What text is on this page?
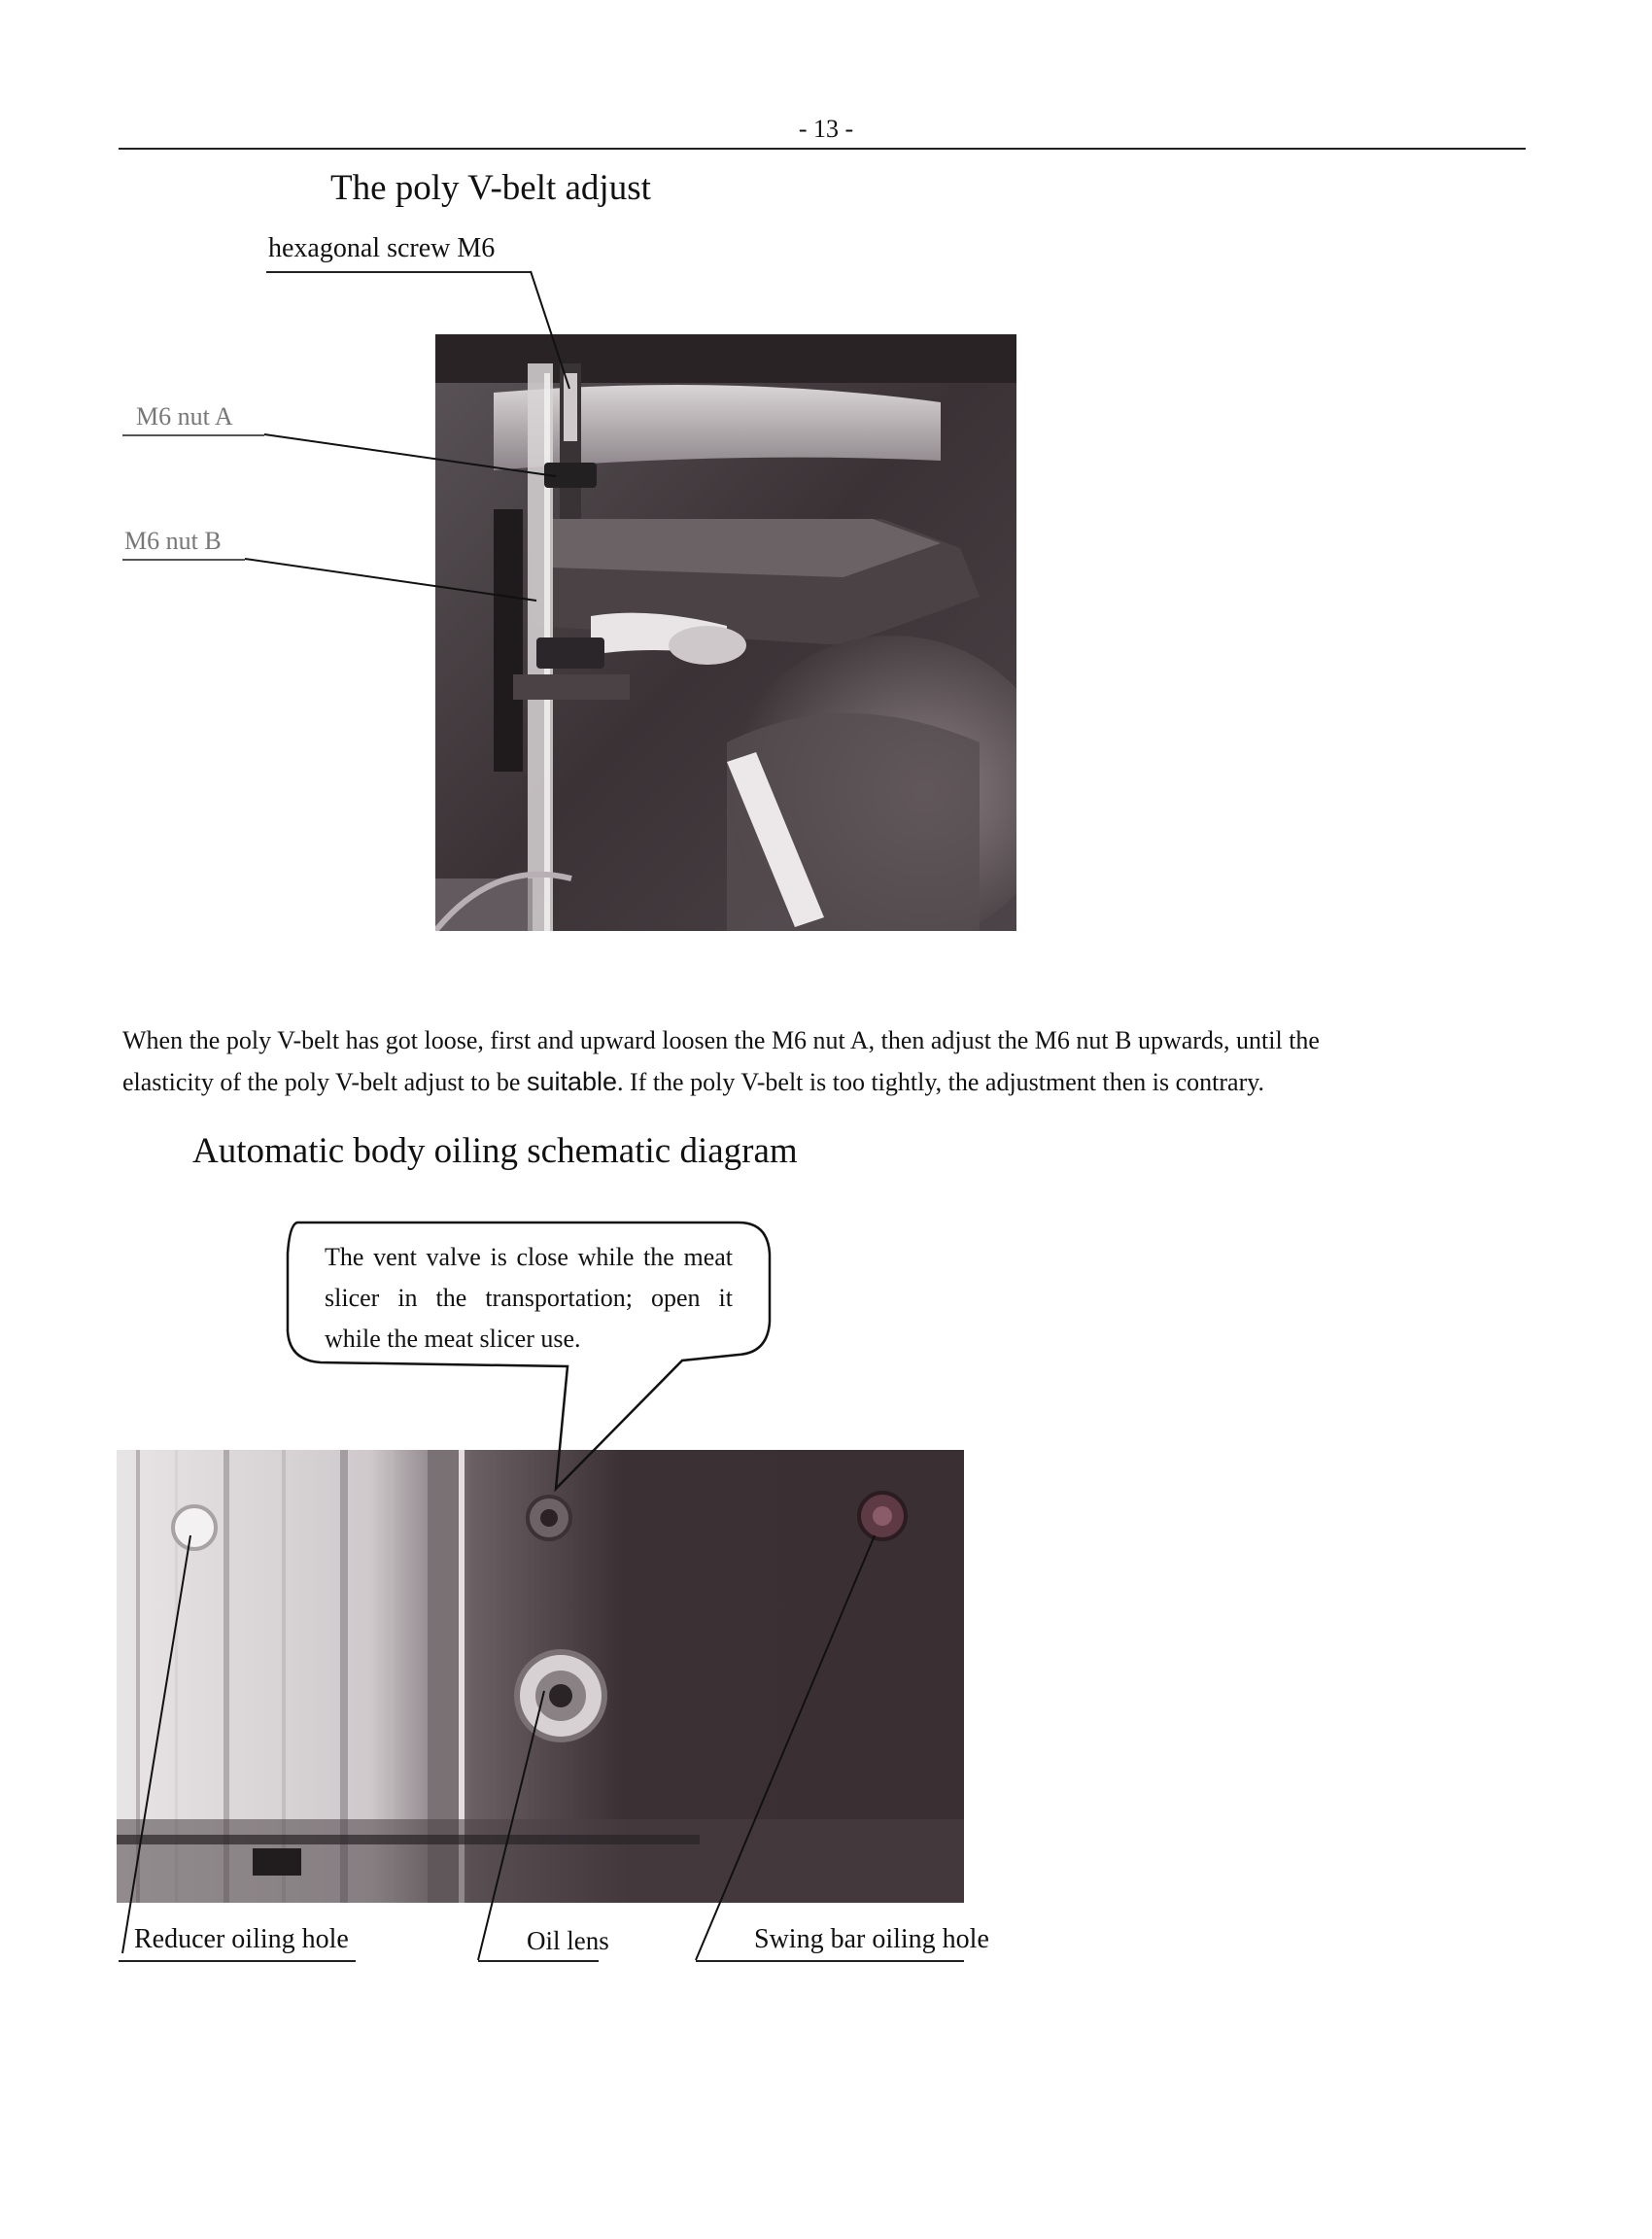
- 13 -
The poly V-belt adjust
hexagonal screw M6
M6 nut A
M6 nut B
When the poly V-belt has got loose, first and upward loosen the M6 nut A, then adjust the M6 nut B upwards, until the
elasticity of the poly V-belt adjust to be suitable. If the poly V-belt is too tightly, the adjustment then is contrary.
Automatic body oiling schematic diagram
The vent valve is close while the meat slicer in the transportation; open it while the meat slicer use.
Reducer oiling hole	Oil lens	Swing bar oiling hole
